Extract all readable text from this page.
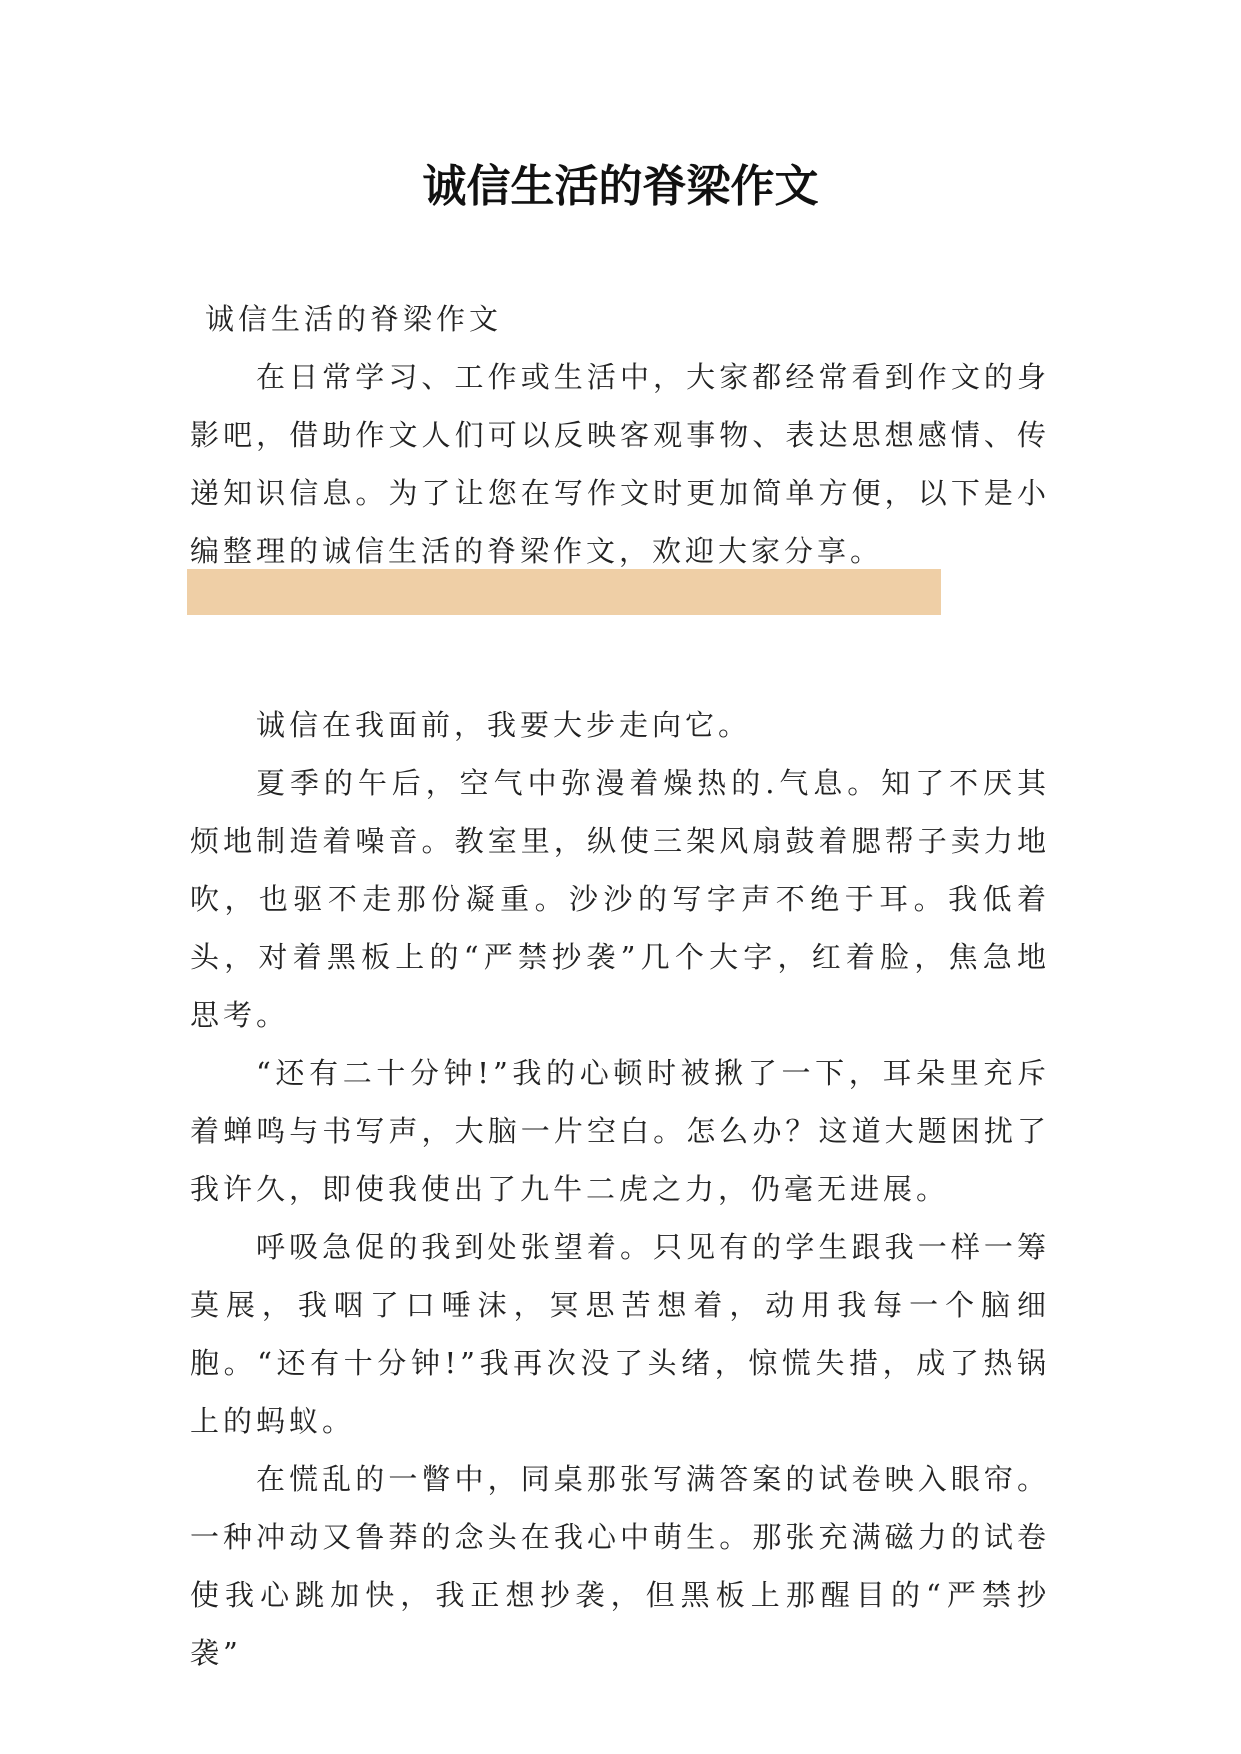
诚信生活的脊梁作文
诚信生活的脊梁作文

在日常学习、工作或生活中，大家都经常看到作文的身影吧，借助作文人们可以反映客观事物、表达思想感情、传递知识信息。为了让您在写作文时更加简单方便，以下是小编整理的诚信生活的脊梁作文，欢迎大家分享。

诚信在我面前，我要大步走向它。

夏季的午后，空气中弥漫着燥热的.气息。知了不厌其烦地制造着噪音。教室里，纵使三架风扇鼓着腮帮子卖力地吹，也驱不走那份凝重。沙沙的写字声不绝于耳。我低着头，对着黑板上的“严禁抄袭”几个大字，红着脸，焦急地思考。

“还有二十分钟!”我的心顿时被揪了一下，耳朵里充斥着蝉鸣与书写声，大脑一片空白。怎么办？这道大题困扰了我许久，即使我使出了九牛二虎之力，仍毫无进展。

呼吸急促的我到处张望着。只见有的学生跟我一样一筹莫展，我咽了口唾沫，冥思苦想着，动用我每一个脑细胞。“还有十分钟!”我再次没了头绪，惊慌失措，成了热锅上的蚂蚁。

在慌乱的一瞥中，同桌那张写满答案的试卷映入眼帘。一种冲动又鲁莽的念头在我心中萌生。那张充满磁力的试卷使我心跳加快，我正想抄袭，但黑板上那醒目的“严禁抄袭”
